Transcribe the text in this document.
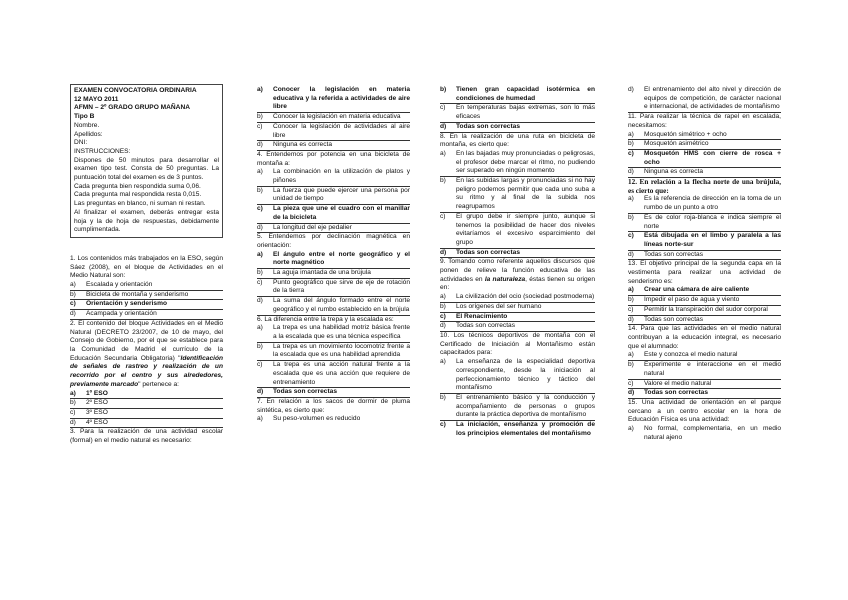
EXAMEN CONVOCATORIA ORDINARIA
12 MAYO 2011
AFMN – 2º GRADO GRUPO MAÑANA
Tipo B
Nombre.
Apellidos:
DNI:
INSTRUCCIONES:
Dispones de 50 minutos para desarrollar el examen tipo test. Consta de 50 preguntas. La puntuación total del examen es de 3 puntos.
Cada pregunta bien respondida suma 0,06.
Cada pregunta mal respondida resta 0,015.
Las preguntas en blanco, ni suman ni restan.
Al finalizar el examen, deberás entregar esta hoja y la de hoja de respuestas, debidamente cumplimentada.
1. Los contenidos más trabajados en la ESO, según Sáez (2008), en el bloque de Actividades en el Medio Natural son:
a)	Escalada y orientación
b)	Bicicleta de montaña y senderismo
c)	Orientación y senderismo
d)	Acampada y orientación
2. El contenido del bloque Actividades en el Medio Natural (DECRETO 23/2007, de 10 de mayo, del Consejo de Gobierno, por el que se establece para la Comunidad de Madrid el currículo de la Educación Secundaria Obligatoria) "Identificación de señales de rastreo y realización de un recorrido por el centro y sus alrededores, previamente marcado" pertenece a:
a)	1º ESO
b)	2º ESO
c)	3º ESO
d)	4º ESO
3. Para la realización de una actividad escolar (formal) en el medio natural es necesario:
a)	Conocer la legislación en materia educativa y la referida a actividades de aire libre
b)	Conocer la legislación en materia educativa
c)	Conocer la legislación de actividades al aire libre
d)	Ninguna es correcta
4. Entendemos por potencia en una bicicleta de montaña a:
a)	La combinación en la utilización de platos y piñones
b)	La fuerza que puede ejercer una persona por unidad de tiempo
c)	La pieza que une el cuadro con el manillar de la bicicleta
d)	La longitud del eje pedalier
5. Entendemos por declinación magnética en orientación:
a)	El ángulo entre el norte geográfico y el norte magnético
b)	La aguja imantada de una brújula
c)	Punto geográfico que sirve de eje de rotación de la tierra
d)	La suma del ángulo formado entre el norte geográfico y el rumbo establecido en la brújula
6. La diferencia entre la trepa y la escalada es:
a)	La trepa es una habilidad motriz básica frente a la escalada que es una técnica específica
b)	La trepa es un movimiento locomotriz frente a la escalada que es una habilidad aprendida
c)	La trepa es una acción natural frente a la escalada que es una acción que requiere de entrenamiento
d)	Todas son correctas
7. En relación a los sacos de dormir de pluma sintética, es cierto que:
a)	Su peso-volumen es reducido
b)	Tienen gran capacidad isotérmica en condiciones de humedad
c)	En temperaturas bajas extremas, son lo más eficaces
d)	Todas son correctas
8. En la realización de una ruta en bicicleta de montaña, es cierto que:
a)	En las bajadas muy pronunciadas o peligrosas, el profesor debe marcar el ritmo, no pudiendo ser superado en ningún momento
b)	En las subidas largas y pronunciadas si no hay peligro podemos permitir que cada uno suba a su ritmo y al final de la subida nos reagrupamos
c)	El grupo debe ir siempre junto, aunque si tenemos la posibilidad de hacer dos niveles evitaríamos el excesivo esparcimiento del grupo
d)	Todas son correctas
9. Tomando como referente aquellos discursos que ponen de relieve la función educativa de las actividades en la naturaleza, éstas tienen su origen en:
a)	La civilización del ocio (sociedad postmoderna)
b)	Los orígenes del ser humano
c)	El Renacimiento
d)	Todas son correctas
10. Los técnicos deportivos de montaña con el Certificado de Iniciación al Montañismo están capacitados para:
a)	La enseñanza de la especialidad deportiva correspondiente, desde la iniciación al perfeccionamiento técnico y táctico del montañismo
b)	El entrenamiento básico y la conducción y acompañamiento de personas o grupos durante la práctica deportiva de montañismo
c)	La iniciación, enseñanza y promoción de los principios elementales del montañismo
d)	El entrenamiento del alto nivel y dirección de equipos de competición, de carácter nacional e internacional, de actividades de montañismo
11. Para realizar la técnica de rapel en escalada, necesitamos:
a)	Mosquetón simétrico + ocho
b)	Mosquetón asimétrico
c)	Mosquetón HMS con cierre de rosca + ocho
d)	Ninguna es correcta
12. En relación a la flecha norte de una brújula, es cierto que:
a)	Es la referencia de dirección en la toma de un rumbo de un punto a otro
b)	Es de color roja-blanca e indica siempre el norte
c)	Está dibujada en el limbo y paralela a las líneas norte-sur
d)	Todas son correctas
13. El objetivo principal de la segunda capa en la vestimenta para realizar una actividad de senderismo es:
a)	Crear una cámara de aire caliente
b)	Impedir el paso de agua y viento
c)	Permitir la transpiración del sudor corporal
d)	Todas son correctas
14. Para que las actividades en el medio natural contribuyan a la educación integral, es necesario que el alumnado:
a)	Este y conozca el medio natural
b)	Experimente e interaccione en el medio natural
c)	Valore el medio natural
d)	Todas son correctas
15. Una actividad de orientación en el parque cercano a un centro escolar en la hora de Educación Física es una actividad:
a)	No formal, complementaria, en un medio natural ajeno
